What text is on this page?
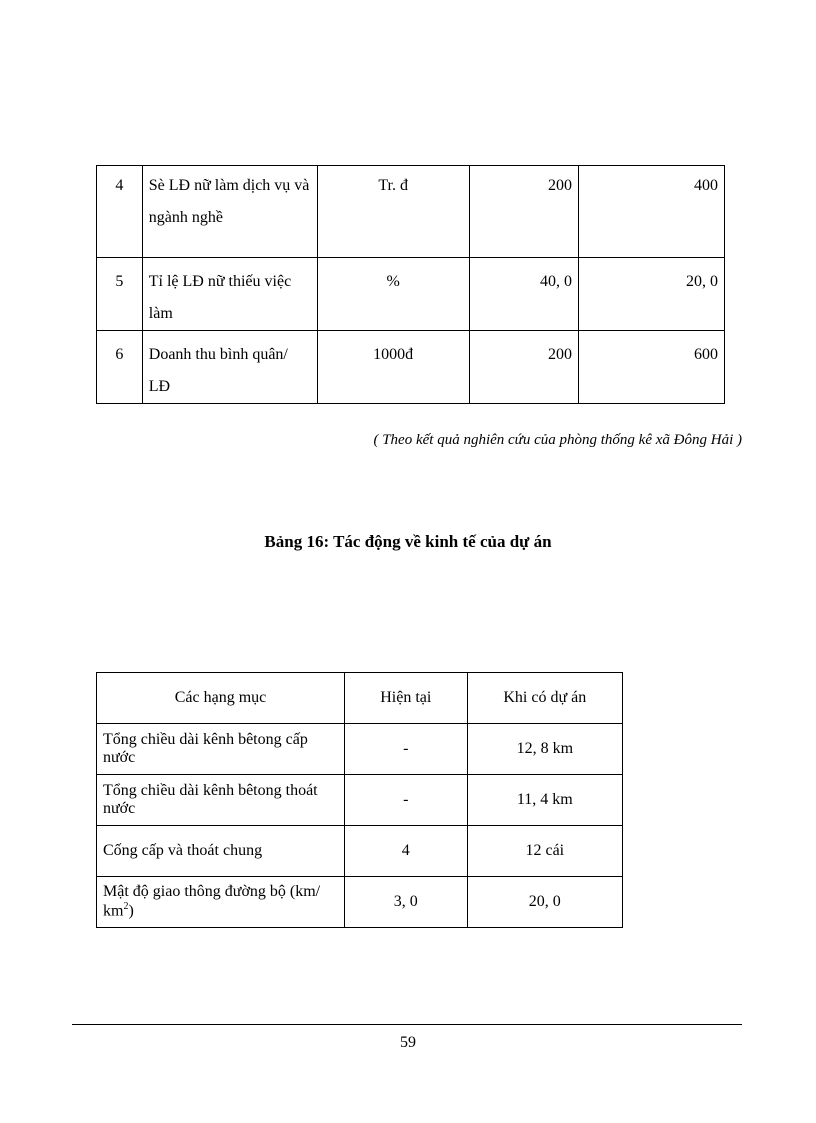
4	Sè LĐ nữ làm dịch vụ và ngành nghề	Tr. đ	200	400
5	Tỉ lệ LĐ nữ thiếu việc làm	%	40, 0	20, 0
6	Doanh thu bình quân/ LĐ	1000đ	200	600
( Theo kết quả nghiên cứu của phòng thống kê xã Đông Hải )
Bảng 16: Tác động về kinh tế của dự án
Các hạng mục	Hiện tại	Khi có dự án
Tổng chiều dài kênh bêtong cấp nước	-	12, 8 km
Tổng chiều dài kênh bêtong thoát nước	-	11, 4 km
Cống cấp và thoát chung	4	12 cái
Mật độ giao thông đường bộ (km/ $km^2$)	3, 0	20, 0
59
